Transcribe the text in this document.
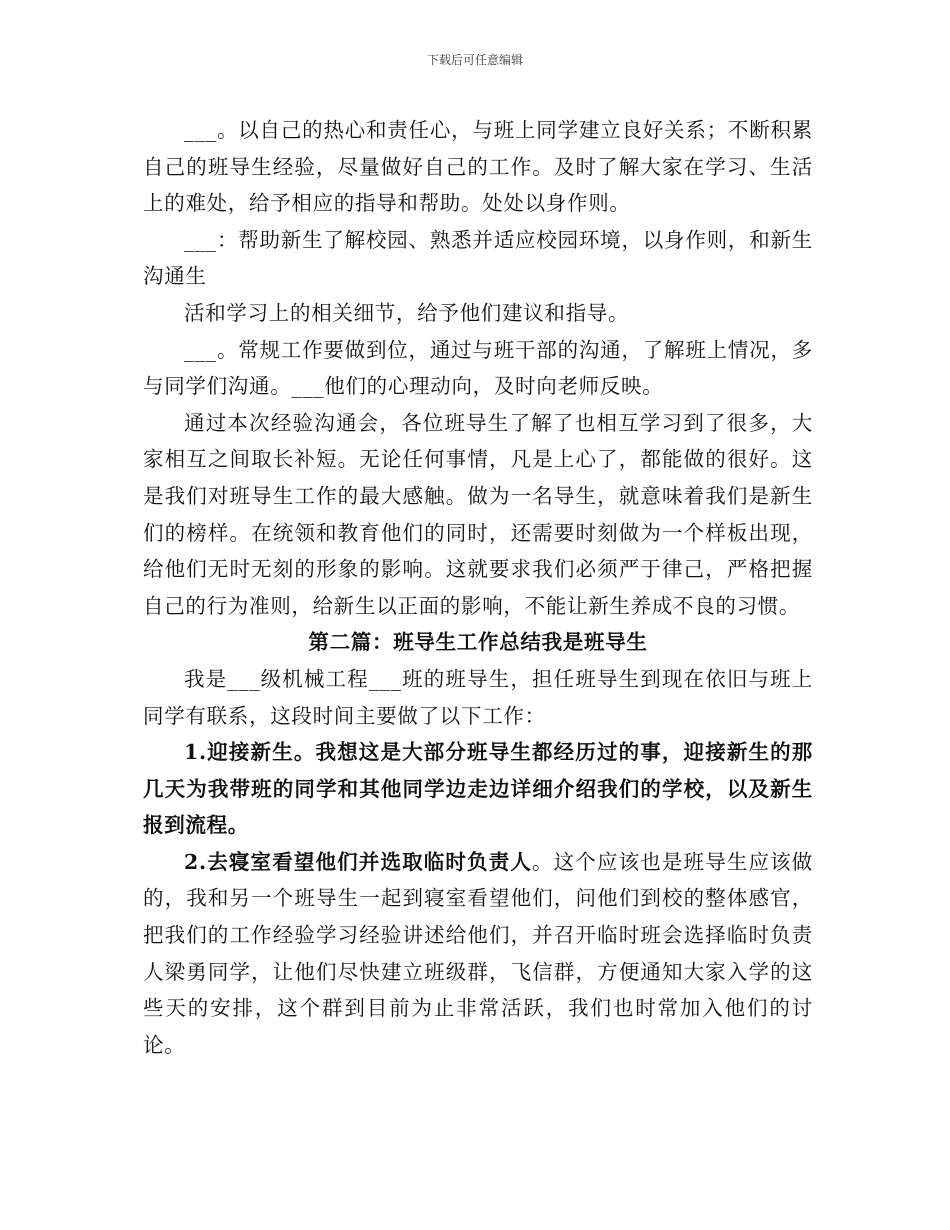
下载后可任意编辑

___。以自己的热心和责任心，与班上同学建立良好关系；不断积累自己的班导生经验，尽量做好自己的工作。及时了解大家在学习、生活上的难处，给予相应的指导和帮助。处处以身作则。

___：帮助新生了解校园、熟悉并适应校园环境，以身作则，和新生沟通生

活和学习上的相关细节，给予他们建议和指导。

___。常规工作要做到位，通过与班干部的沟通，了解班上情况，多与同学们沟通。___他们的心理动向，及时向老师反映。

通过本次经验沟通会，各位班导生了解了也相互学习到了很多，大家相互之间取长补短。无论任何事情，凡是上心了，都能做的很好。这是我们对班导生工作的最大感触。做为一名导生，就意味着我们是新生们的榜样。在统领和教育他们的同时，还需要时刻做为一个样板出现，给他们无时无刻的形象的影响。这就要求我们必须严于律己，严格把握自己的行为准则，给新生以正面的影响，不能让新生养成不良的习惯。

第二篇：班导生工作总结我是班导生

我是___级机械工程___班的班导生，担任班导生到现在依旧与班上同学有联系，这段时间主要做了以下工作：

1.迎接新生。我想这是大部分班导生都经历过的事，迎接新生的那几天为我带班的同学和其他同学边走边详细介绍我们的学校，以及新生报到流程。

2.去寝室看望他们并选取临时负责人。这个应该也是班导生应该做的，我和另一个班导生一起到寝室看望他们，问他们到校的整体感官，把我们的工作经验学习经验讲述给他们，并召开临时班会选择临时负责人梁勇同学，让他们尽快建立班级群，飞信群，方便通知大家入学的这些天的安排，这个群到目前为止非常活跃，我们也时常加入他们的讨论。
